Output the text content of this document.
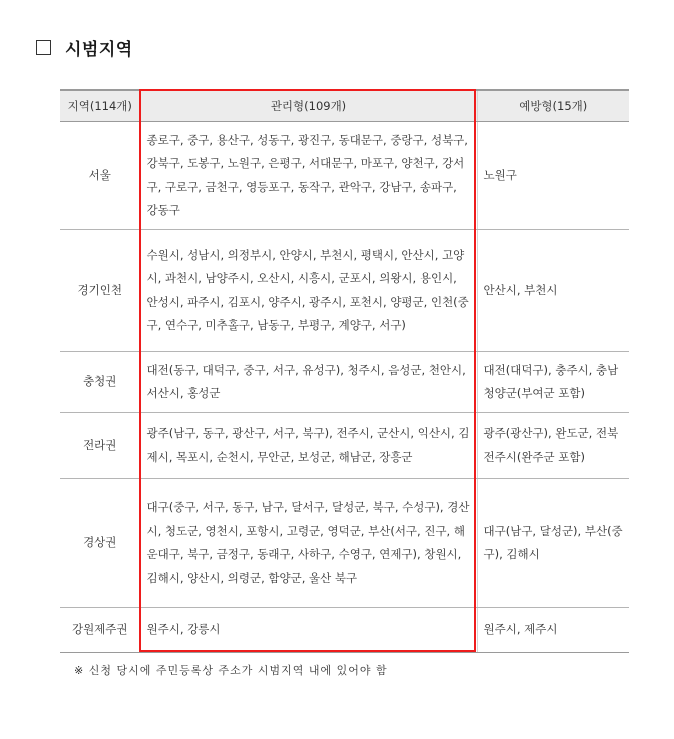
시범지역
지역(114개)	관리형(109개)	예방형(15개)
서울	종로구, 중구, 용산구, 성동구, 광진구, 동대문구, 중랑구, 성북구, 강북구, 도봉구, 노원구, 은평구, 서대문구, 마포구, 양천구, 강서구, 구로구, 금천구, 영등포구, 동작구, 관악구, 강남구, 송파구, 강동구	노원구
경기인천	수원시, 성남시, 의정부시, 안양시, 부천시, 평택시, 안산시, 고양시, 과천시, 남양주시, 오산시, 시흥시, 군포시, 의왕시, 용인시, 안성시, 파주시, 김포시, 양주시, 광주시, 포천시, 양평군, 인천(중구, 연수구, 미추홀구, 남동구, 부평구, 계양구, 서구)	안산시, 부천시
충청권	대전(동구, 대덕구, 중구, 서구, 유성구), 청주시, 음성군, 천안시, 서산시, 홍성군	대전(대덕구), 충주시, 충남 청양군(부여군 포함)
전라권	광주(남구, 동구, 광산구, 서구, 북구), 전주시, 군산시, 익산시, 김제시, 목포시, 순천시, 무안군, 보성군, 해남군, 장흥군	광주(광산구), 완도군, 전북 전주시(완주군 포함)
경상권	대구(중구, 서구, 동구, 남구, 달서구, 달성군, 북구, 수성구), 경산시, 청도군, 영천시, 포항시, 고령군, 영덕군, 부산(서구, 진구, 해운대구, 북구, 금정구, 동래구, 사하구, 수영구, 연제구), 창원시, 김해시, 양산시, 의령군, 함양군, 울산 북구	대구(남구, 달성군), 부산(중구), 김해시
강원제주권	원주시, 강릉시	원주시, 제주시
※ 신청 당시에 주민등록상 주소가 시범지역 내에 있어야 함
